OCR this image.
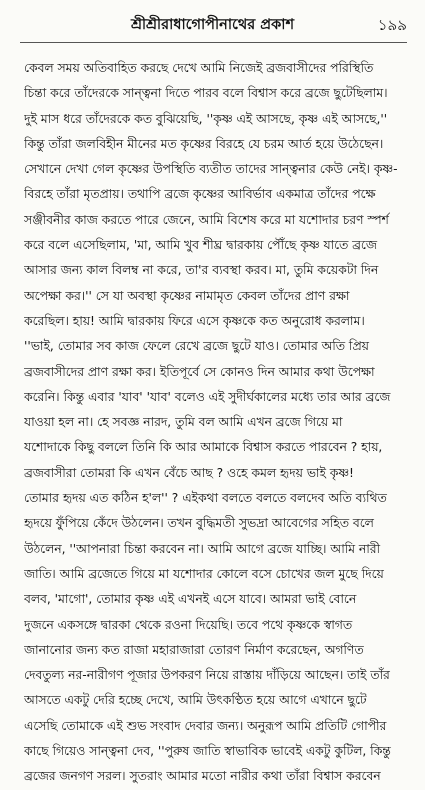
শ্রীশ্রীরাধাগোপীনাথের প্রকাশ	১৯৯
কেবল সময় অতিবাহিত করছে দেখে আমি নিজেই ব্রজবাসীদের পরিস্থিতি
চিন্তা করে তাঁদেরকে সান্ত্বনা দিতে পারব বলে বিশ্বাস করে ব্রজে ছুটেছিলাম।
দুই মাস ধরে তাঁদেরকে কত বুঝিয়েছি, ''কৃষ্ণ এই আসছে, কৃষ্ণ এই আসছে,''
কিন্তু তাঁরা জলবিহীন মীনের মত কৃষ্ণের বিরহে যে চরম আর্ত হয়ে উঠেছেন।
সেখানে দেখা গেল কৃষ্ণের উপস্থিতি ব্যতীত তাদের সান্ত্বনার কেউ নেই। কৃষ্ণ-
বিরহে তাঁরা মৃতপ্রায়। তথাপি ব্রজে কৃষ্ণের আবির্ভাব একমাত্র তাঁদের পক্ষে
সঞ্জীবনীর কাজ করতে পারে জেনে, আমি বিশেষ করে মা যশোদার চরণ স্পর্শ
করে বলে এসেছিলাম, 'মা, আমি খুব শীঘ্র দ্বারকায় পৌঁছে কৃষ্ণ যাতে ব্রজে
আসার জন্য কাল বিলম্ব না করে, তা'র ব্যবস্থা করব। মা, তুমি কয়েকটা দিন
অপেক্ষা কর।'' সে যা অবস্থা কৃষ্ণের নামামৃত কেবল তাঁদের প্রাণ রক্ষা
করেছিল। হায়! আমি দ্বারকায় ফিরে এসে কৃষ্ণকে কত অনুরোধ করলাম।
''ভাই, তোমার সব কাজ ফেলে রেখে ব্রজে ছুটে যাও। তোমার অতি প্রিয়
ব্রজবাসীদের প্রাণ রক্ষা কর। ইতিপূর্বে সে কোনও দিন আমার কথা উপেক্ষা
করেনি। কিন্তু এবার 'যাব' 'যাব' বলেও এই সুদীর্ঘকালের মধ্যে তার আর ব্রজে
যাওয়া হল না। হে সবজ্ঞ নারদ, তুমি বল আমি এখন ব্রজে গিয়ে মা
যশোদাকে কিছু বললে তিনি কি আর আমাকে বিশ্বাস করতে পারবেন ? হায়,
ব্রজবাসীরা তোমরা কি এখন বেঁচে আছ ? ওহে কমল হৃদয় ভাই কৃষ্ণ!
তোমার হৃদয় এত কঠিন হ'ল'' ? এইকথা বলতে বলতে বলদেব অতি ব্যথিত
হৃদয়ে ফুঁপিয়ে কেঁদে উঠলেন। তখন বুদ্ধিমতী সুভদ্রা আবেগের সহিত বলে
উঠলেন, ''আপনারা চিন্তা করবেন না। আমি আগে ব্রজে যাচ্ছি। আমি নারী
জাতি। আমি ব্রজেতে গিয়ে মা যশোদার কোলে বসে চোখের জল মুছে দিয়ে
বলব, 'মাগো', তোমার কৃষ্ণ এই এখনই এসে যাবে। আমরা ভাই বোনে
দুজনে একসঙ্গে দ্বারকা থেকে রওনা দিয়েছি। তবে পথে কৃষ্ণকে স্বাগত
জানানোর জন্য কত রাজা মহারাজারা তোরণ নির্মাণ করেছেন, অগণিত
দেবতুল্য নর-নারীগণ পূজার উপকরণ নিয়ে রাস্তায় দাঁড়িয়ে আছেন। তাই তাঁর
আসতে একটু দেরি হচ্ছে দেখে, আমি উৎকণ্ঠিত হয়ে আগে এখানে ছুটে
এসেছি তোমাকে এই শুভ সংবাদ দেবার জন্য। অনুরূপ আমি প্রতিটি গোপীর
কাছে গিয়েও সান্ত্বনা দেব, ''পুরুষ জাতি স্বাভাবিক ভাবেই একটু কুটিল, কিন্তু
ব্রজের জনগণ সরল। সুতরাং আমার মতো নারীর কথা তাঁরা বিশ্বাস করবেন
